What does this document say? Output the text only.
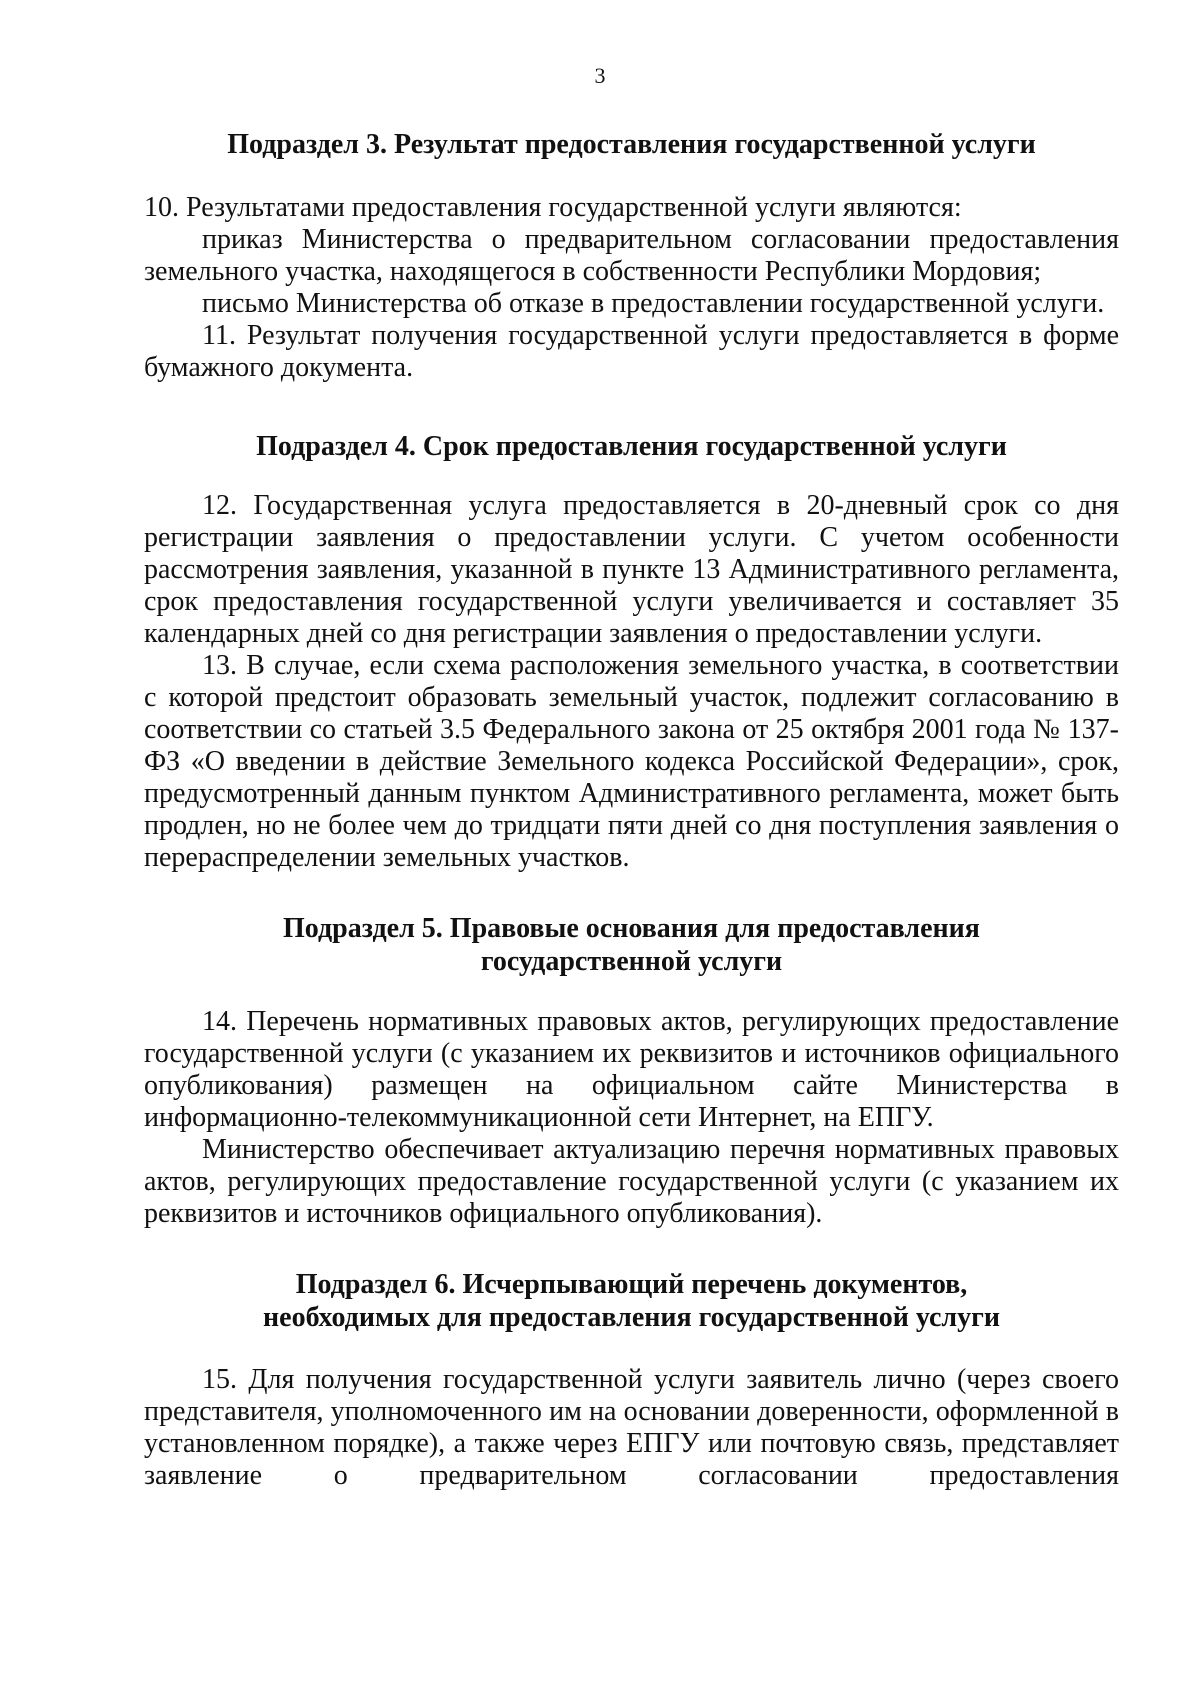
3

Подраздел 3. Результат предоставления государственной услуги

10. Результатами предоставления государственной услуги являются:

приказ Министерства о предварительном согласовании предоставления земельного участка, находящегося в собственности Республики Мордовия;

письмо Министерства об отказе в предоставлении государственной услуги.

11. Результат получения государственной услуги предоставляется в форме бумажного документа.

Подраздел 4. Срок предоставления государственной услуги

12. Государственная услуга предоставляется в 20-дневный срок со дня регистрации заявления о предоставлении услуги. С учетом особенности рассмотрения заявления, указанной в пункте 13 Административного регламента, срок предоставления государственной услуги увеличивается и составляет 35 календарных дней со дня регистрации заявления о предоставлении услуги.

13. В случае, если схема расположения земельного участка, в соответствии с которой предстоит образовать земельный участок, подлежит согласованию в соответствии со статьей 3.5 Федерального закона от 25 октября 2001 года № 137-ФЗ «О введении в действие Земельного кодекса Российской Федерации», срок, предусмотренный данным пунктом Административного регламента, может быть продлен, но не более чем до тридцати пяти дней со дня поступления заявления о перераспределении земельных участков.

Подраздел 5. Правовые основания для предоставления

государственной услуги

14. Перечень нормативных правовых актов, регулирующих предоставление государственной услуги (с указанием их реквизитов и источников официального опубликования) размещен на официальном сайте Министерства в информационно-телекоммуникационной сети Интернет, на ЕПГУ.

Министерство обеспечивает актуализацию перечня нормативных правовых актов, регулирующих предоставление государственной услуги (с указанием их реквизитов и источников официального опубликования).

Подраздел 6. Исчерпывающий перечень документов,

необходимых для предоставления государственной услуги

15. Для получения государственной услуги заявитель лично (через своего представителя, уполномоченного им на основании доверенности, оформленной в установленном порядке), а также через ЕПГУ или почтовую связь, представляет заявление о предварительном согласовании предоставления
